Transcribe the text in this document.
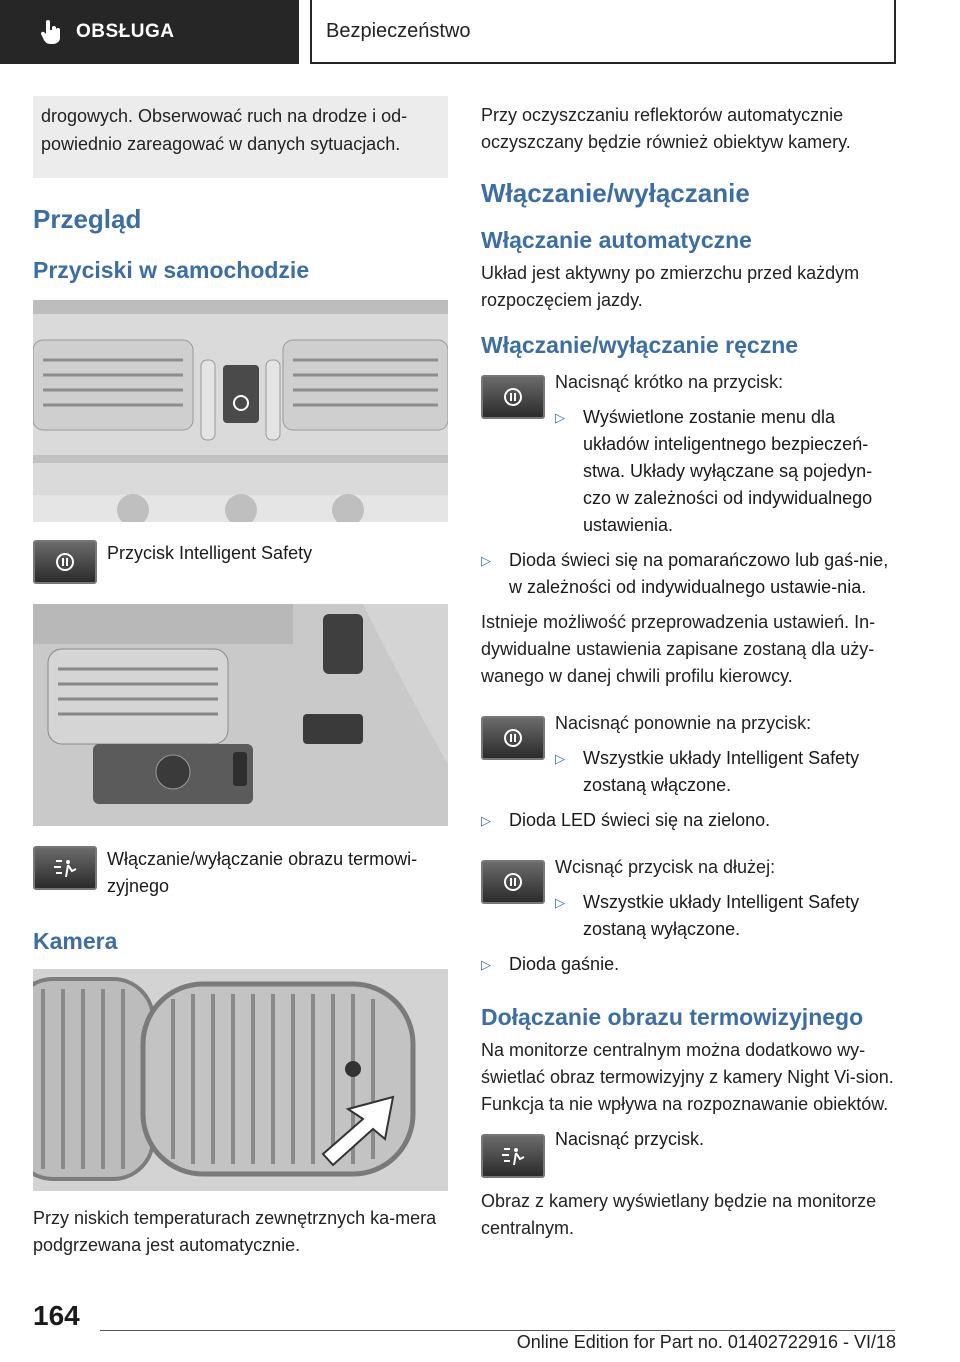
OBSŁUGA	Bezpieczeństwo
drogowych. Obserwować ruch na drodze i od-powiednio zareagować w danych sytuacjach.
Przegląd
Przyciski w samochodzie
Przycisk Intelligent Safety
Włączanie/wyłączanie obrazu termowi-zyjnego
Kamera

Przy niskich temperaturach zewnętrznych ka-mera podgrzewana jest automatycznie.

Przy oczyszczaniu reflektorów automatycznie oczyszczany będzie również obiektyw kamery.

Włączanie/wyłączanie
Włączanie automatyczne

Układ jest aktywny po zmierzchu przed każdym rozpoczęciem jazdy.

Włączanie/wyłączanie ręczne
Nacisnąć krótko na przycisk:
▷	Wyświetlone zostanie menu dla układów inteligentnego bezpieczeń-stwa. Układy wyłączane są pojedyn-czo w zależności od indywidualnego ustawienia.
▷	Dioda świeci się na pomarańczowo lub gaś-nie, w zależności od indywidualnego ustawie-nia.

Istnieje możliwość przeprowadzenia ustawień. In-dywidualne ustawienia zapisane zostaną dla uży-wanego w danej chwili profilu kierowcy.

Nacisnąć ponownie na przycisk:
▷	Wszystkie układy Intelligent Safety zostaną włączone.
▷	Dioda LED świeci się na zielono.
Wcisnąć przycisk na dłużej:
▷	Wszystkie układy Intelligent Safety zostaną wyłączone.
▷	Dioda gaśnie.
Dołączanie obrazu termowizyjnego

Na monitorze centralnym można dodatkowo wy-świetlać obraz termowizyjny z kamery Night Vi-sion. Funkcja ta nie wpływa na rozpoznawanie obiektów.

Nacisnąć przycisk.

Obraz z kamery wyświetlany będzie na monitorze centralnym.

164
Online Edition for Part no. 01402722916 - VI/18
